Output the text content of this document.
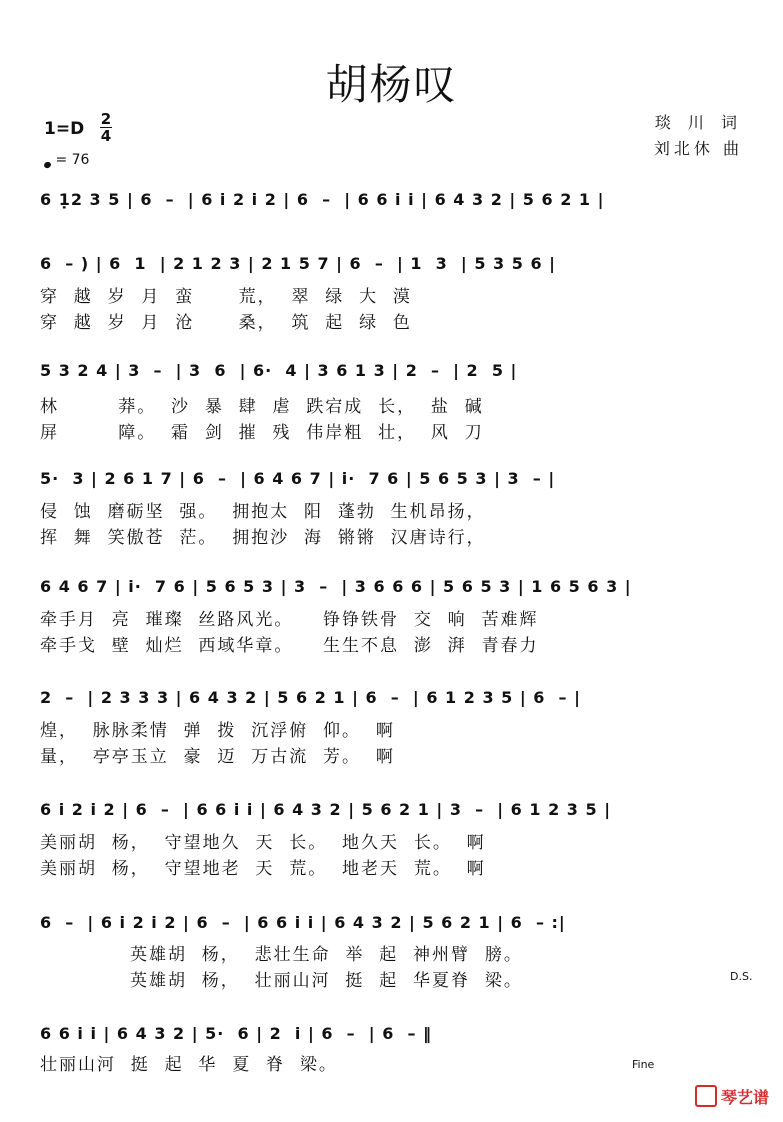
胡杨叹
1=D 2
4
= 76
琰 川 词
刘北休 曲
6 1̣2 3 5 | 6  –  | 6 i 2 i 2 | 6  –  | 6 6 i i | 6 4 3 2 | 5 6 2 1 |
6  – ) | 6  1  | 2 1 2 3 | 2 1 5 7 | 6  –  | 1  3  | 5 3 5 6 |
穿  越  岁  月  蛮      荒，  翠  绿  大  漠
穿  越  岁  月  沧      桑，  筑  起  绿  色
5 3 2 4 | 3  –  | 3  6  | 6·  4 | 3 6 1 3 | 2  –  | 2  5 |
林        莽。  沙  暴  肆  虐  跌宕成  长，  盐  碱
屏        障。  霜  剑  摧  残  伟岸粗  壮，  风  刀
5·  3 | 2 6 1 7 | 6  –  | 6 4 6 7 | i·  7 6 | 5 6 5 3 | 3  – |
侵  蚀  磨砺坚  强。  拥抱太  阳  蓬勃  生机昂扬，
挥  舞  笑傲苍  茫。  拥抱沙  海  锵锵  汉唐诗行，
6 4 6 7 | i·  7 6 | 5 6 5 3 | 3  –  | 3 6 6 6 | 5 6 5 3 | 1 6 5 6 3 |
牵手月  亮  璀璨  丝路风光。    铮铮铁骨  交  响  苦难辉
牵手戈  壁  灿烂  西域华章。    生生不息  澎  湃  青春力
2  –  | 2 3 3 3 | 6 4 3 2 | 5 6 2 1 | 6  –  | 6 1 2 3 5 | 6  – |
煌，  脉脉柔情  弹  拨  沉浮俯  仰。  啊
量，  亭亭玉立  豪  迈  万古流  芳。  啊
6 i 2 i 2 | 6  –  | 6 6 i i | 6 4 3 2 | 5 6 2 1 | 3  –  | 6 1 2 3 5 |
美丽胡  杨，  守望地久  天  长。  地久天  长。  啊
美丽胡  杨，  守望地老  天  荒。  地老天  荒。  啊
6  –  | 6 i 2 i 2 | 6  –  | 6 6 i i | 6 4 3 2 | 5 6 2 1 | 6  – :|
英雄胡  杨，  悲壮生命  举  起  神州臂  膀。
英雄胡  杨，  壮丽山河  挺  起  华夏脊  梁。	D.S.
6 6 i i | 6 4 3 2 | 5·  6 | 2  i | 6  –  | 6  – ‖
壮丽山河  挺  起  华  夏  脊  梁。	Fine
琴艺谱
